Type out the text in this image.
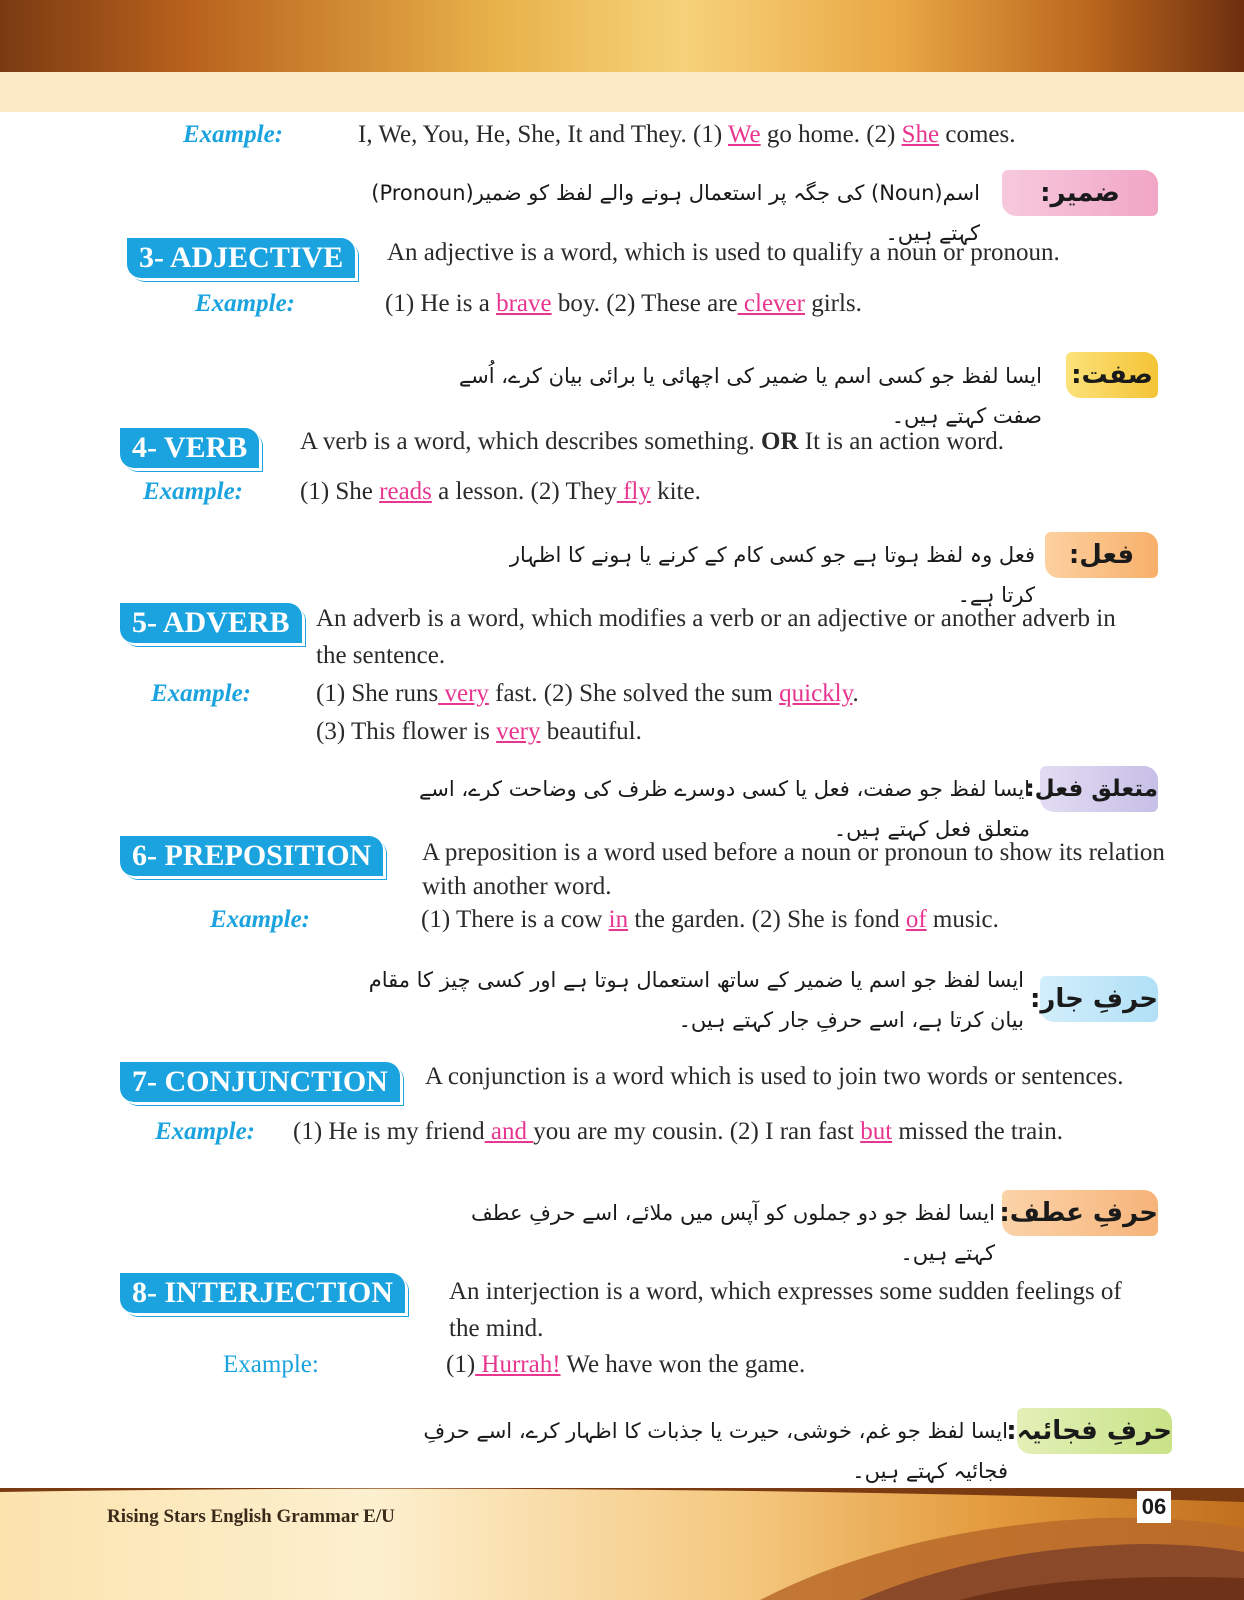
Rising Stars English Grammar E/U	06
Example:	I, We, You, He, She, It and They. (1) We go home. (2) She comes.
ضمیر:
اسم(Noun) کی جگہ پر استعمال ہونے والے لفظ کو ضمیر(Pronoun) کہتے ہیں۔
3- ADJECTIVE	An adjective is a word, which is used to qualify a noun or pronoun.
Example:	(1) He is a brave boy. (2) These are clever girls.
صفت:
ایسا لفظ جو کسی اسم یا ضمیر کی اچھائی یا برائی بیان کرے، اُسے صفت کہتے ہیں۔
4- VERB	A verb is a word, which describes something. OR It is an action word.
Example: (1) She reads a lesson. (2) They fly kite.
فعل:
فعل وہ لفظ ہوتا ہے جو کسی کام کے کرنے یا ہونے کا اظہار کرتا ہے۔
5- ADVERB	An adverb is a word, which modifies a verb or an adjective or another adverb in the sentence.
Example:	(1) She runs very fast. (2) She solved the sum quickly.
(3) This flower is very beautiful.
متعلق فعل:
ایسا لفظ جو صفت، فعل یا کسی دوسرے ظرف کی وضاحت کرے، اسے متعلق فعل کہتے ہیں۔
6- PREPOSITION	A preposition is a word used before a noun or pronoun to show its relation with another word.
Example:	(1) There is a cow in the garden. (2) She is fond of music.
حرفِ جار:
ایسا لفظ جو اسم یا ضمیر کے ساتھ استعمال ہوتا ہے اور کسی چیز کا مقام بیان کرتا ہے، اسے حرفِ جار کہتے ہیں۔
7- CONJUNCTION	A conjunction is a word which is used to join two words or sentences.
Example: (1) He is my friend and you are my cousin. (2) I ran fast but missed the train.
حرفِ عطف:
ایسا لفظ جو دو جملوں کو آپس میں ملائے، اسے حرفِ عطف کہتے ہیں۔
8- INTERJECTION	An interjection is a word, which expresses some sudden feelings of the mind.
Example:	(1) Hurrah! We have won the game.
حرفِ فجائیہ:
ایسا لفظ جو غم، خوشی، حیرت یا جذبات کا اظہار کرے، اسے حرفِ فجائیہ کہتے ہیں۔
